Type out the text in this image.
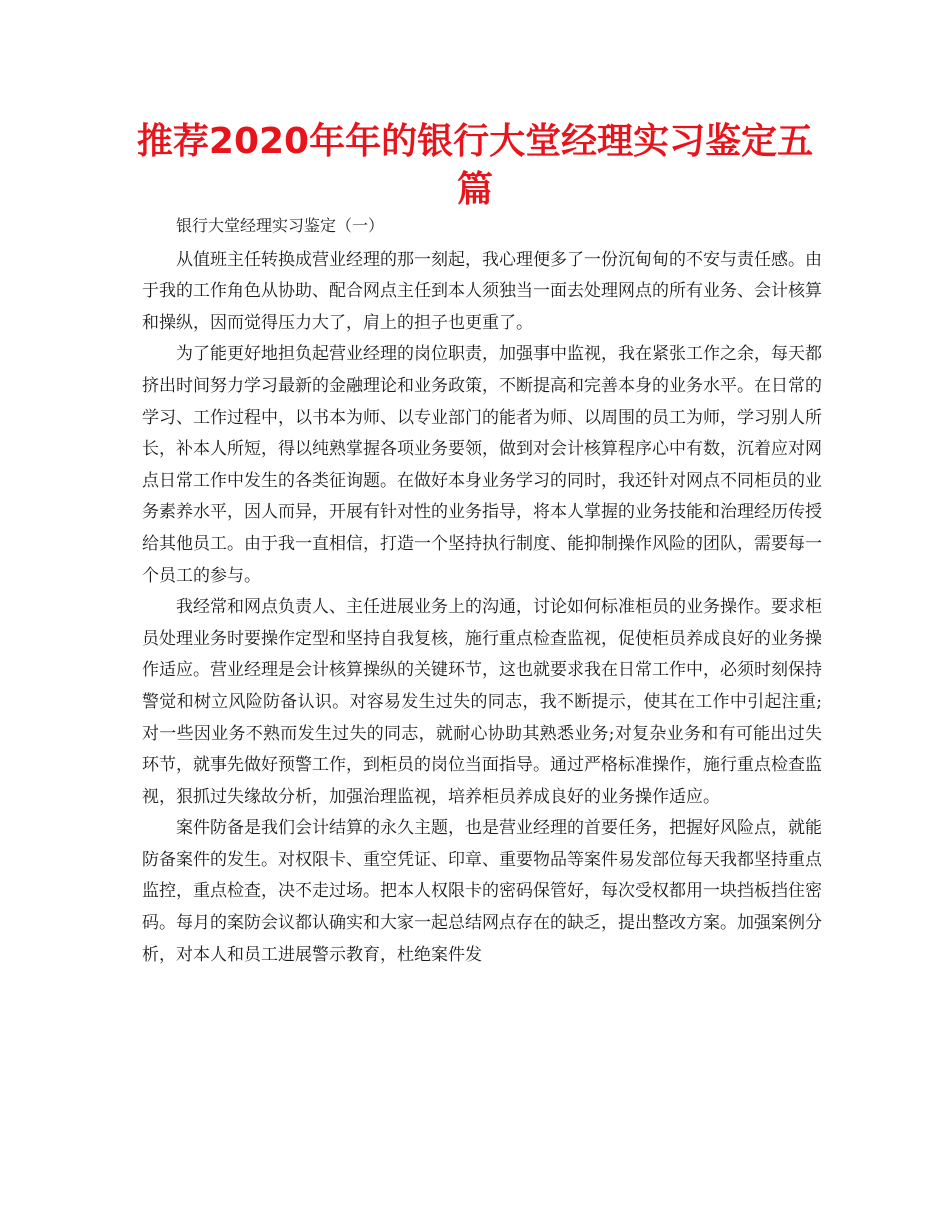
推荐2020年年的银行大堂经理实习鉴定五篇

银行大堂经理实习鉴定（一）

从值班主任转换成营业经理的那一刻起，我心理便多了一份沉甸甸的不安与责任感。由于我的工作角色从协助、配合网点主任到本人须独当一面去处理网点的所有业务、会计核算和操纵，因而觉得压力大了，肩上的担子也更重了。

为了能更好地担负起营业经理的岗位职责，加强事中监视，我在紧张工作之余，每天都挤出时间努力学习最新的金融理论和业务政策，不断提高和完善本身的业务水平。在日常的学习、工作过程中，以书本为师、以专业部门的能者为师、以周围的员工为师，学习别人所长，补本人所短，得以纯熟掌握各项业务要领，做到对会计核算程序心中有数，沉着应对网点日常工作中发生的各类征询题。在做好本身业务学习的同时，我还针对网点不同柜员的业务素养水平，因人而异，开展有针对性的业务指导，将本人掌握的业务技能和治理经历传授给其他员工。由于我一直相信，打造一个坚持执行制度、能抑制操作风险的团队，需要每一个员工的参与。

我经常和网点负责人、主任进展业务上的沟通，讨论如何标准柜员的业务操作。要求柜员处理业务时要操作定型和坚持自我复核，施行重点检查监视，促使柜员养成良好的业务操作适应。营业经理是会计核算操纵的关键环节，这也就要求我在日常工作中，必须时刻保持警觉和树立风险防备认识。对容易发生过失的同志，我不断提示，使其在工作中引起注重;对一些因业务不熟而发生过失的同志，就耐心协助其熟悉业务;对复杂业务和有可能出过失环节，就事先做好预警工作，到柜员的岗位当面指导。通过严格标准操作，施行重点检查监视，狠抓过失缘故分析，加强治理监视，培养柜员养成良好的业务操作适应。

案件防备是我们会计结算的永久主题，也是营业经理的首要任务，把握好风险点，就能防备案件的发生。对权限卡、重空凭证、印章、重要物品等案件易发部位每天我都坚持重点监控，重点检查，决不走过场。把本人权限卡的密码保管好，每次受权都用一块挡板挡住密码。每月的案防会议都认确实和大家一起总结网点存在的缺乏，提出整改方案。加强案例分析，对本人和员工进展警示教育，杜绝案件发
